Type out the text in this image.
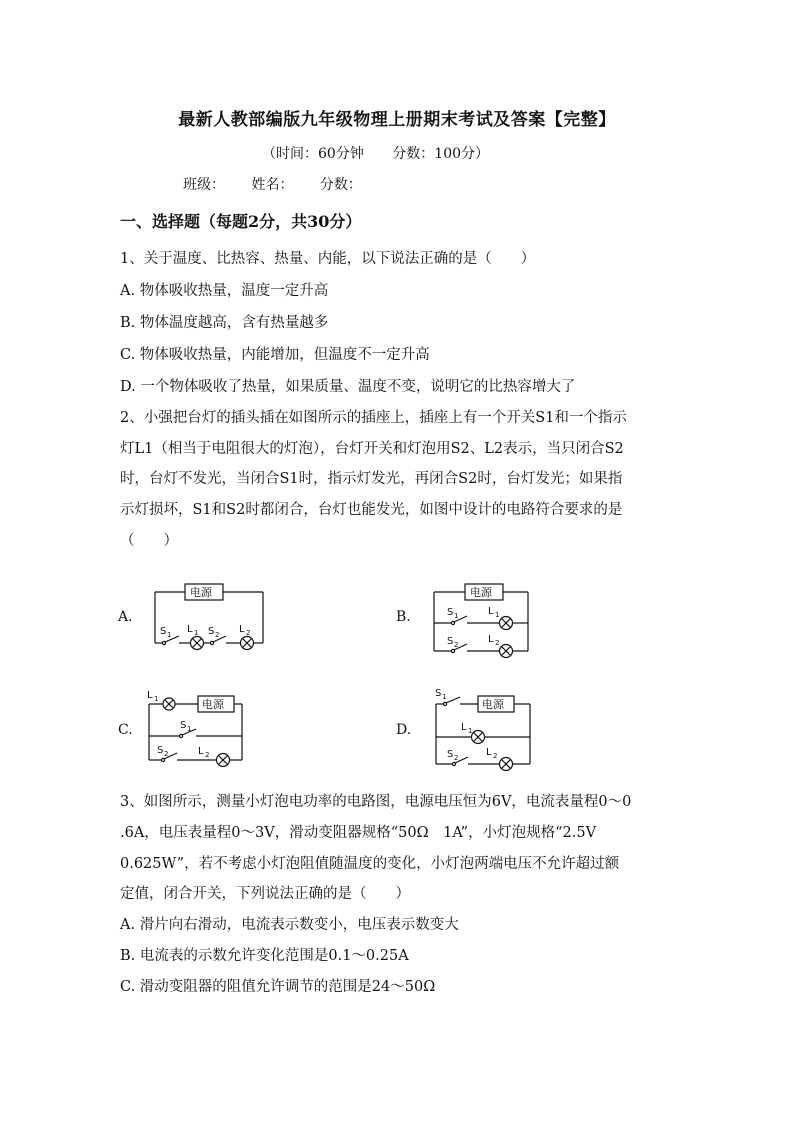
最新人教部编版九年级物理上册期末考试及答案【完整】
（时间：60分钟 分数：100分）
班级： 姓名： 分数：
一、选择题（每题2分，共30分）
1、关于温度、比热容、热量、内能，以下说法正确的是（　　）
A. 物体吸收热量，温度一定升高
B. 物体温度越高，含有热量越多
C. 物体吸收热量，内能增加，但温度不一定升高
D. 一个物体吸收了热量，如果质量、温度不变，说明它的比热容增大了
2、小强把台灯的插头插在如图所示的插座上，插座上有一个开关S1和一个指示
灯L1（相当于电阻很大的灯泡），台灯开关和灯泡用S2、L2表示，当只闭合S2
时，台灯不发光，当闭合S1时，指示灯发光，再闭合S2时，台灯发光；如果指
示灯损坏，S1和S2时都闭合，台灯也能发光，如图中设计的电路符合要求的是
（　　）
A.
电源
S 1 L 1 S 2 L 2
B.
电源
S 1	L 1
S 2	L 2
C.
L 1	电源
S 1
S 2	L 2
D.
S 1
电源
L 1
S 2	L 2
3、如图所示，测量小灯泡电功率的电路图，电源电压恒为6V，电流表量程0～0
.6A，电压表量程0～3V，滑动变阻器规格“50Ω　1A”，小灯泡规格“2.5V
0.625W”，若不考虑小灯泡阻值随温度的变化，小灯泡两端电压不允许超过额
定值，闭合开关，下列说法正确的是（　　）
A. 滑片向右滑动，电流表示数变小，电压表示数变大
B. 电流表的示数允许变化范围是0.1～0.25A
C. 滑动变阻器的阻值允许调节的范围是24～50Ω
